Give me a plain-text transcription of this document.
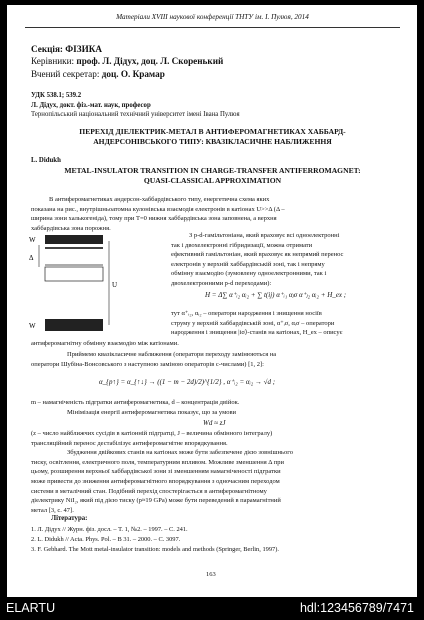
Матеріали XVIII наукової конференції ТНТУ ім. І. Пулюя, 2014
Секція: ФІЗИКА
Керівники: проф. Л. Дідух, доц. Л. Скоренький
Вчений секретар: доц. О. Крамар
УДК 538.1; 539.2
Л. Дідух, докт. фіз.-мат. наук, професор
Тернопільський національний технічний університет імені Івана Пулюя
ПЕРЕХІД ДІЕЛЕКТРИК-МЕТАЛ В АНТИФЕРОМАГНЕТИКАХ ХАББАРД-
АНДЕРСОНІВСЬКОГО ТИПУ: КВАЗІКЛАСИЧНЕ НАБЛИЖЕННЯ
L. Didukh
METAL-INSULATOR TRANSITION IN CHARGE-TRANSFER ANTIFERROMAGNET:
QUASI-CLASSICAL APPROXIMATION
В антиферомагнетиках андерсон-хаббардівського типу, енергетична схема яких
показана на рис., внутрішньоатомна кулонівська взаємодія електронів в катіонах U>>Δ (Δ –
ширина зони халькогеніда), тому при T=0 нижня хаббардівська зона заповнена, а верхня
хаббардівська зона порожня.
W
Δ
U
W
З p-d-гамільтоніана, який враховує всі одноелектронні
так і двохелектронні гібридизації, можна отримати
ефективний гамільтоніан, який враховує як непрямий перенос
електронів у верхній хаббардівській зоні, так і непряму
обмінну взаємодію (зумовлену одноелектронними, так і
двохелектронними p-d переходами):
H = Δ∑ α⁺ᵢ₂ αᵢ₂ + ∑ t(ij) α⁺ᵢ₁ αⱼσ α⁺ⱼ₂ αᵢ₂ + H_ex ;
тут α⁺ᵢ₂, αᵢ₂ – оператори народження і знищення носіїв
струму у верхній хаббардівській зоні, α⁺ᵢσ, αᵢσ – оператори
народження і знищення |iσ⟩-станів на катіонах, H_ex – описує
антиферомагнітну обмінну взаємодію між катіонами.
Приймемо квазікласичне наближення (оператори переходу замінюються на
оператори Шубіна-Вонсовського з наступною заміною операторів c-числами) [1, 2]:
α_{p↑} = α_{↑↓} → ((1 − m − 2d)/2)^{1/2} , α⁺ᵢ₂ = αᵢ₂ → √d ;
m – намагніченість підгратки антиферомагнетика, d – концентрація двійок.
Мінімізація енергії антиферомагнетика показує, що за умови
Wd ≈ zJ
(z – число найближчих сусідів в катіонній підгратці, J – величина обмінного інтегралу)
трансляційний перенос дестабілізує антиферомагнітне впорядкування.
Збудження двійкових станів на катіонах може бути забезпечене дією зовнішнього
тиску, освітлення, електричного поля, температурним впливом. Можливе зменшення Δ при
цьому, розширення верхньої хаббардівської зони зі зменшенням намагніченості підгратки
може привести до зниження антиферомагнітного впорядкування з одночасним переходом
системи в металічний стан. Подібний перехід спостерігається в антиферомагнітному
діелектрику NiI₂, який під дією тиску (p≈19 GPa) може бути переведений в парамагнітний
метал [3, с. 47].
Література:
1. Л. Дідух // Журн. фіз. досл. – Т. 1, №2. – 1997. – С. 241.
2. L. Didukh // Acta. Phys. Pol. – B 31. – 2000. – C. 3097.
3. F. Gebhard. The Mott metal-insulator transition: models and methods (Springer, Berlin, 1997).
163
ELARTU	hdl:123456789/7471
